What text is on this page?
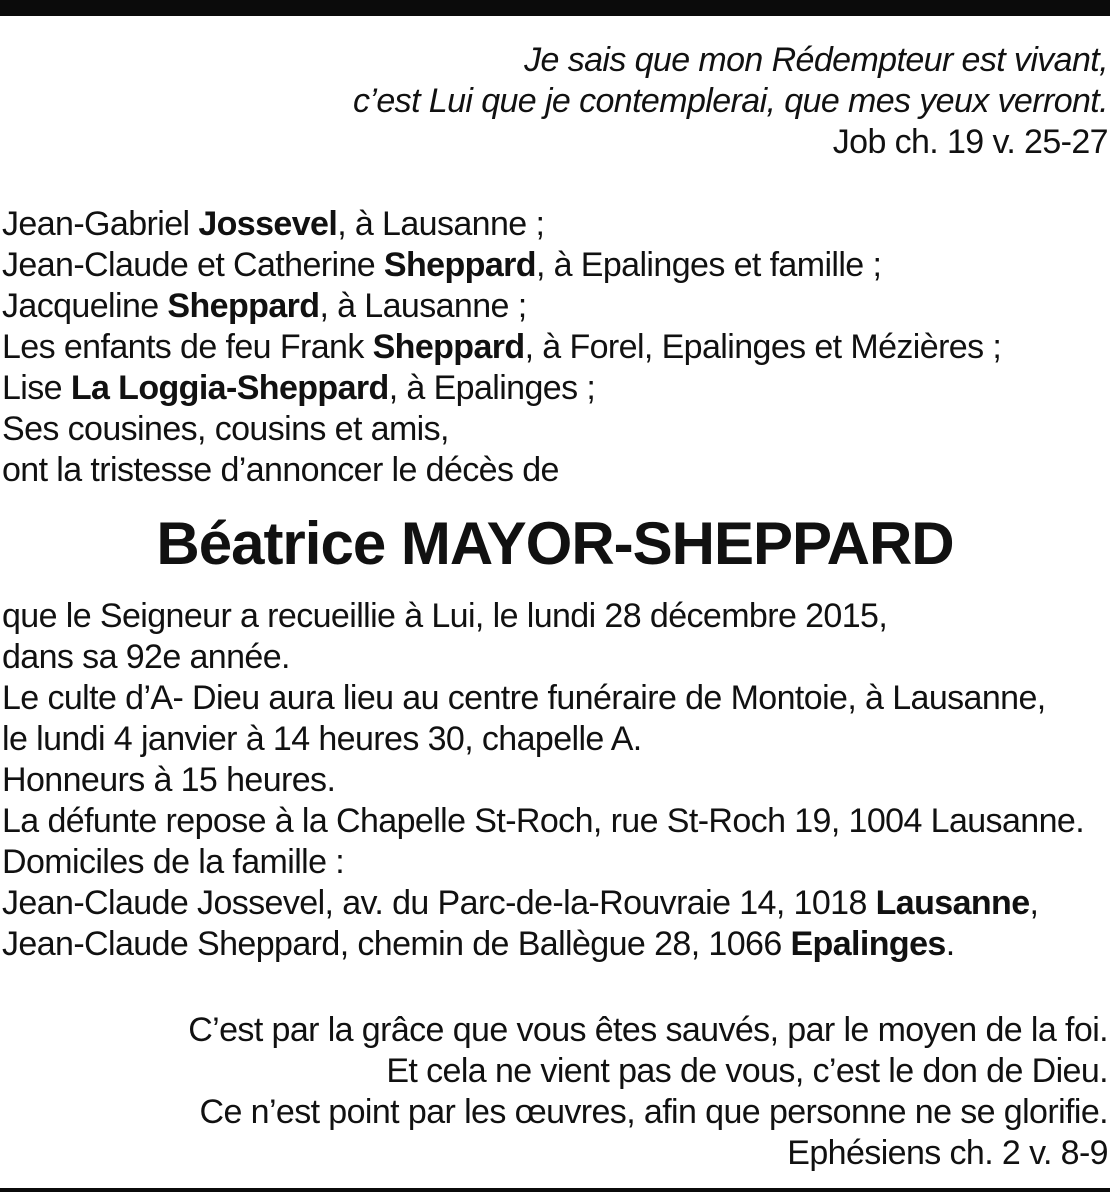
Je sais que mon Rédempteur est vivant,
c’est Lui que je contemplerai, que mes yeux verront.
Job ch. 19 v. 25-27
Jean-Gabriel Jossevel, à Lausanne ;
Jean-Claude et Catherine Sheppard, à Epalinges et famille ;
Jacqueline Sheppard, à Lausanne ;
Les enfants de feu Frank Sheppard, à Forel, Epalinges et Mézières ;
Lise La Loggia-Sheppard, à Epalinges ;
Ses cousines, cousins et amis,
ont la tristesse d’annoncer le décès de
Béatrice MAYOR-SHEPPARD
que le Seigneur a recueillie à Lui, le lundi 28 décembre 2015,
dans sa 92e année.
Le culte d’A- Dieu aura lieu au centre funéraire de Montoie, à Lausanne,
le lundi 4 janvier à 14 heures 30, chapelle A.
Honneurs à 15 heures.
La défunte repose à la Chapelle St-Roch, rue St-Roch 19, 1004 Lausanne.
Domiciles de la famille :
Jean-Claude Jossevel, av. du Parc-de-la-Rouvraie 14, 1018 Lausanne,
Jean-Claude Sheppard, chemin de Ballègue 28, 1066 Epalinges.
C’est par la grâce que vous êtes sauvés, par le moyen de la foi.
Et cela ne vient pas de vous, c’est le don de Dieu.
Ce n’est point par les œuvres, afin que personne ne se glorifie.
Ephésiens ch. 2 v. 8-9
